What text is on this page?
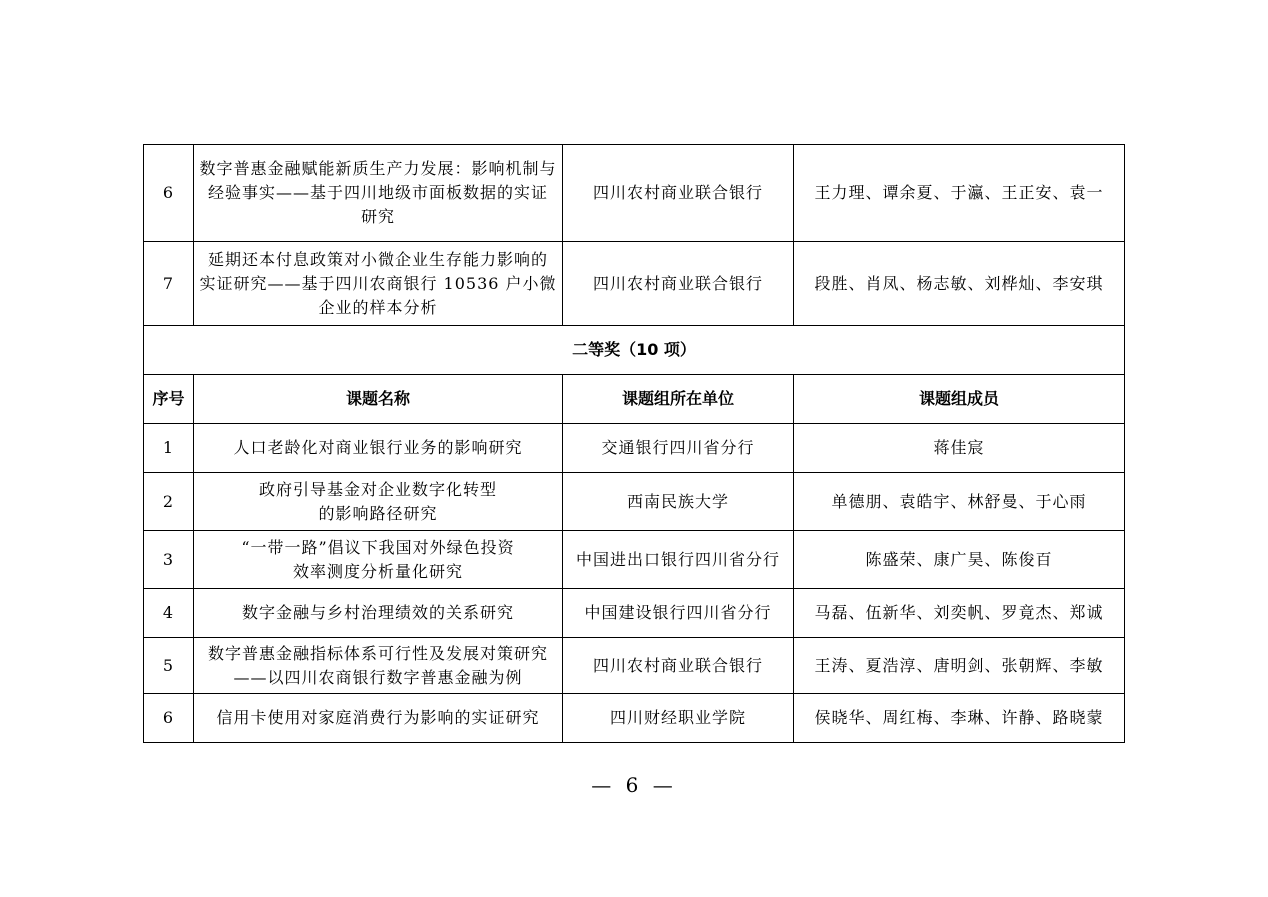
6	数字普惠金融赋能新质生产力发展：影响机制与
经验事实——基于四川地级市面板数据的实证
研究	四川农村商业联合银行	王力理、谭余夏、于瀛、王正安、袁一
7	延期还本付息政策对小微企业生存能力影响的
实证研究——基于四川农商银行 10536 户小微
企业的样本分析	四川农村商业联合银行	段胜、肖凤、杨志敏、刘桦灿、李安琪
二等奖（10 项）			
序号	课题名称	课题组所在单位	课题组成员
1	人口老龄化对商业银行业务的影响研究	交通银行四川省分行	蒋佳宸
2	政府引导基金对企业数字化转型
的影响路径研究	西南民族大学	单德朋、袁皓宇、林舒曼、于心雨
3	“一带一路”倡议下我国对外绿色投资
效率测度分析量化研究	中国进出口银行四川省分行	陈盛荣、康广昊、陈俊百
4	数字金融与乡村治理绩效的关系研究	中国建设银行四川省分行	马磊、伍新华、刘奕帆、罗竟杰、郑诚
5	数字普惠金融指标体系可行性及发展对策研究
——以四川农商银行数字普惠金融为例	四川农村商业联合银行	王涛、夏浩淳、唐明剑、张朝辉、李敏
6	信用卡使用对家庭消费行为影响的实证研究	四川财经职业学院	侯晓华、周红梅、李琳、许静、路晓蒙
— 6 —
